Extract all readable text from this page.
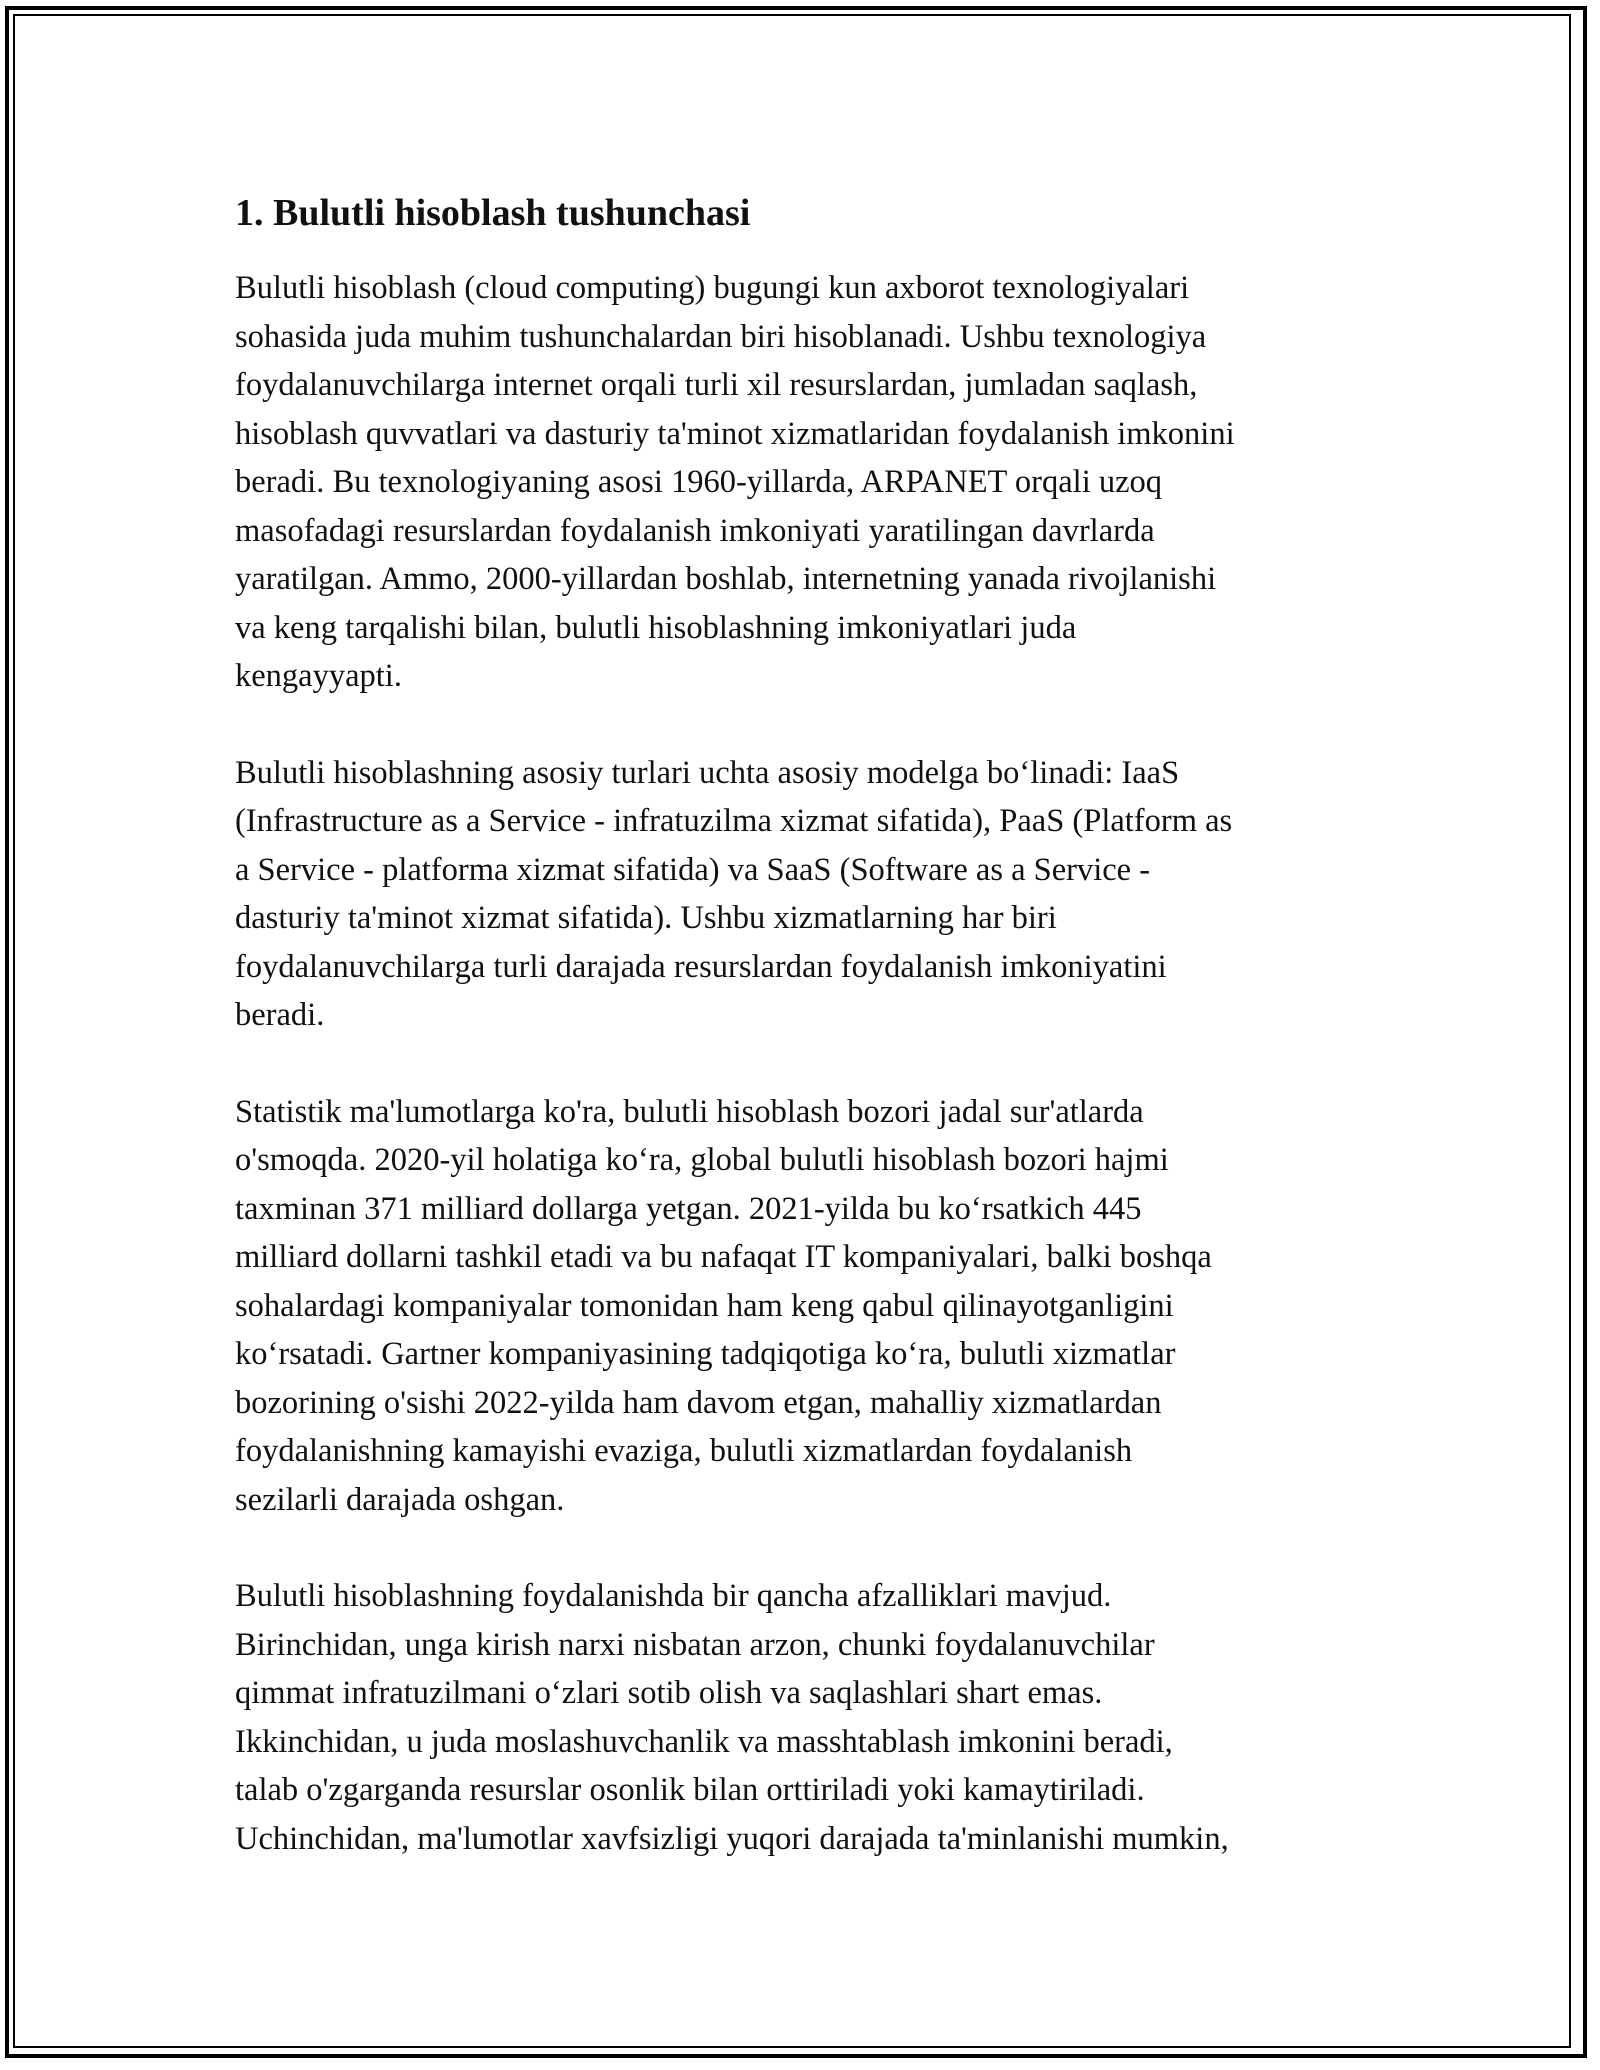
1. Bulutli hisoblash tushunchasi

Bulutli hisoblash (cloud computing) bugungi kun axborot texnologiyalari
sohasida juda muhim tushunchalardan biri hisoblanadi. Ushbu texnologiya
foydalanuvchilarga internet orqali turli xil resurslardan, jumladan saqlash,
hisoblash quvvatlari va dasturiy ta'minot xizmatlaridan foydalanish imkonini
beradi. Bu texnologiyaning asosi 1960-yillarda, ARPANET orqali uzoq
masofadagi resurslardan foydalanish imkoniyati yaratilingan davrlarda
yaratilgan. Ammo, 2000-yillardan boshlab, internetning yanada rivojlanishi
va keng tarqalishi bilan, bulutli hisoblashning imkoniyatlari juda
kengayyapti.

Bulutli hisoblashning asosiy turlari uchta asosiy modelga bo‘linadi: IaaS
(Infrastructure as a Service - infratuzilma xizmat sifatida), PaaS (Platform as
a Service - platforma xizmat sifatida) va SaaS (Software as a Service -
dasturiy ta'minot xizmat sifatida). Ushbu xizmatlarning har biri
foydalanuvchilarga turli darajada resurslardan foydalanish imkoniyatini
beradi.

Statistik ma'lumotlarga ko'ra, bulutli hisoblash bozori jadal sur'atlarda
o'smoqda. 2020-yil holatiga ko‘ra, global bulutli hisoblash bozori hajmi
taxminan 371 milliard dollarga yetgan. 2021-yilda bu ko‘rsatkich 445
milliard dollarni tashkil etadi va bu nafaqat IT kompaniyalari, balki boshqa
sohalardagi kompaniyalar tomonidan ham keng qabul qilinayotganligini
ko‘rsatadi. Gartner kompaniyasining tadqiqotiga ko‘ra, bulutli xizmatlar
bozorining o'sishi 2022-yilda ham davom etgan, mahalliy xizmatlardan
foydalanishning kamayishi evaziga, bulutli xizmatlardan foydalanish
sezilarli darajada oshgan.

Bulutli hisoblashning foydalanishda bir qancha afzalliklari mavjud.
Birinchidan, unga kirish narxi nisbatan arzon, chunki foydalanuvchilar
qimmat infratuzilmani o‘zlari sotib olish va saqlashlari shart emas.
Ikkinchidan, u juda moslashuvchanlik va masshtablash imkonini beradi,
talab o'zgarganda resurslar osonlik bilan orttiriladi yoki kamaytiriladi.
Uchinchidan, ma'lumotlar xavfsizligi yuqori darajada ta'minlanishi mumkin,
